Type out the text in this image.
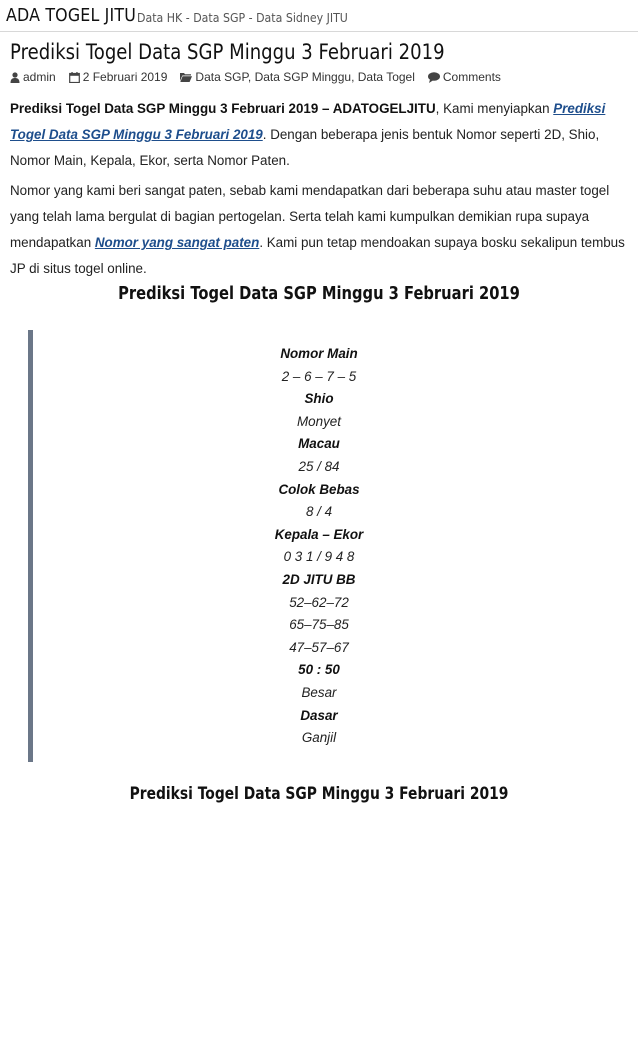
ADA TOGEL JITU Data HK - Data SGP - Data Sidney JITU
Prediksi Togel Data SGP Minggu 3 Februari 2019
admin 2 Februari 2019 Data SGP, Data SGP Minggu, Data Togel Comments

Prediksi Togel Data SGP Minggu 3 Februari 2019 – ADATOGELJITU, Kami menyiapkan Prediksi Togel Data SGP Minggu 3 Februari 2019. Dengan beberapa jenis bentuk Nomor seperti 2D, Shio, Nomor Main, Kepala, Ekor, serta Nomor Paten.

Nomor yang kami beri sangat paten, sebab kami mendapatkan dari beberapa suhu atau master togel yang telah lama bergulat di bagian pertogelan. Serta telah kami kumpulkan demikian rupa supaya mendapatkan Nomor yang sangat paten. Kami pun tetap mendoakan supaya bosku sekalipun tembus JP di situs togel online.

Prediksi Togel Data SGP Minggu 3 Februari 2019
Nomor Main
2 – 6 – 7 – 5
Shio
Monyet
Macau
25 / 84
Colok Bebas
8 / 4
Kepala – Ekor
0 3 1 / 9 4 8
2D JITU BB
52–62–72
65–75–85
47–57–67
50 : 50
Besar
Dasar
Ganjil
Prediksi Togel Data SGP Minggu 3 Februari 2019
